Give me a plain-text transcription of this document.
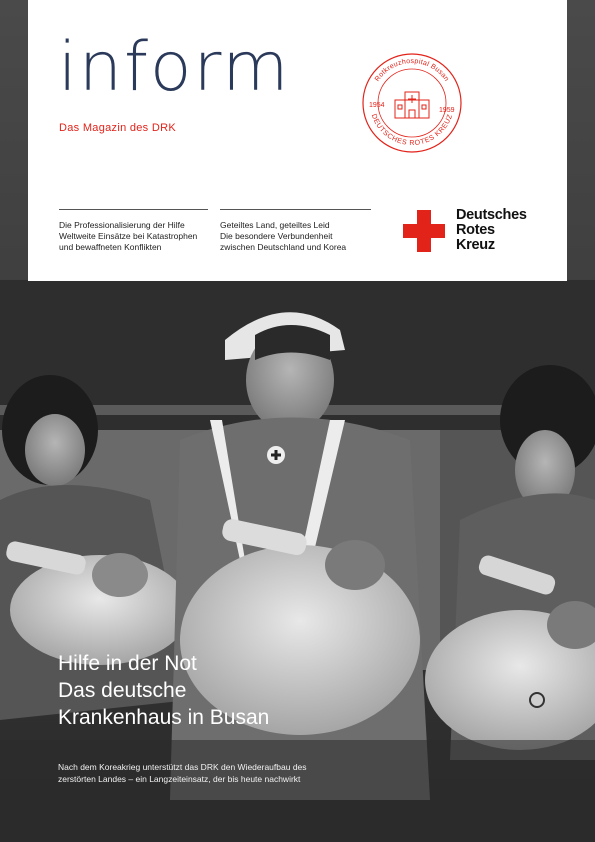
inform
Das Magazin des DRK
Rotkreuzhospital Busan
DEUTSCHES ROTES KREUZ
1954
1959
Die Professionalisierung der Hilfe
Weltweite Einsätze bei Katastrophen
und bewaffneten Konflikten
Geteiltes Land, geteiltes Leid
Die besondere Verbundenheit
zwischen Deutschland und Korea
Deutsches
Rotes
Kreuz
Hilfe in der Not
Das deutsche
Krankenhaus in Busan
Nach dem Koreakrieg unterstützt das DRK den Wiederaufbau des
zerstörten Landes – ein Langzeiteinsatz, der bis heute nachwirkt
